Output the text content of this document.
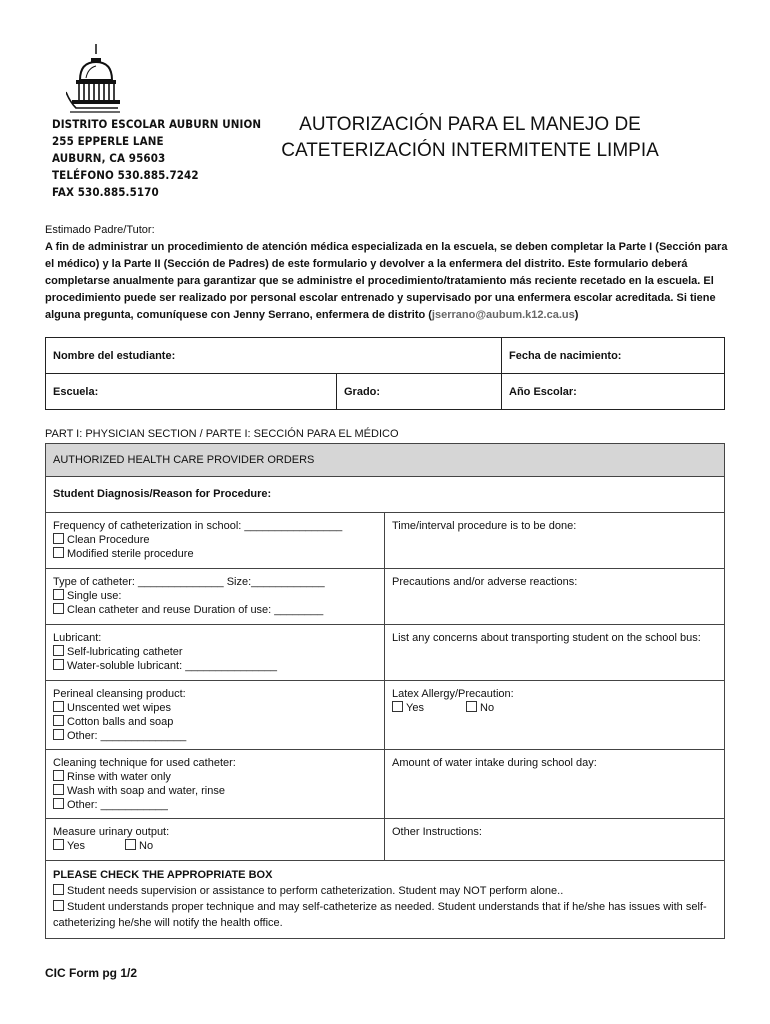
DISTRITO ESCOLAR AUBURN UNION
255 EPPERLE LANE
AUBURN, CA 95603
TELÉFONO 530.885.7242
FAX 530.885.5170
AUTORIZACIÓN PARA EL MANEJO DE
CATETERIZACIÓN INTERMITENTE LIMPIA
Estimado Padre/Tutor:
A fin de administrar un procedimiento de atención médica especializada en la escuela, se deben completar la Parte I (Sección para el médico) y la Parte II (Sección de Padres) de este formulario y devolver a la enfermera del distrito. Este formulario deberá completarse anualmente para garantizar que se administre el procedimiento/tratamiento más reciente recetado en la escuela. El procedimiento puede ser realizado por personal escolar entrenado y supervisado por una enfermera escolar acreditada. Si tiene alguna pregunta, comuníquese con Jenny Serrano, enfermera de distrito (jserrano@aubum.k12.ca.us)
Nombre del estudiante:		Fecha de nacimiento:
Escuela:	Grado:	Año Escolar:
PART I: PHYSICIAN SECTION / PARTE I: SECCIÓN PARA EL MÉDICO
AUTHORIZED HEALTH CARE PROVIDER ORDERS	
Student Diagnosis/Reason for Procedure:	

Frequency of catheterization in school: ________________
Clean Procedure
Modified sterile procedure	Time/interval procedure is to be done:

Type of catheter: ______________ Size:____________
Single use:
Clean catheter and reuse Duration of use: ________	Precautions and/or adverse reactions:

Lubricant:
Self-lubricating catheter
Water-soluble lubricant: _______________	List any concerns about transporting student on the school bus:

Perineal cleansing product:
Unscented wet wipes
Cotton balls and soap
Other: ______________	Latex Allergy/Precaution:
Yes No

Cleaning technique for used catheter:
Rinse with water only
Wash with soap and water, rinse
Other: ___________	Amount of water intake during school day:

Measure urinary output:
Yes No	Other Instructions:

PLEASE CHECK THE APPROPRIATE BOX
Student needs supervision or assistance to perform catheterization. Student may NOT perform alone..
Student understands proper technique and may self-catheterize as needed. Student understands that if he/she has issues with self-catheterizing he/she will notify the health office.	
CIC Form pg 1/2
